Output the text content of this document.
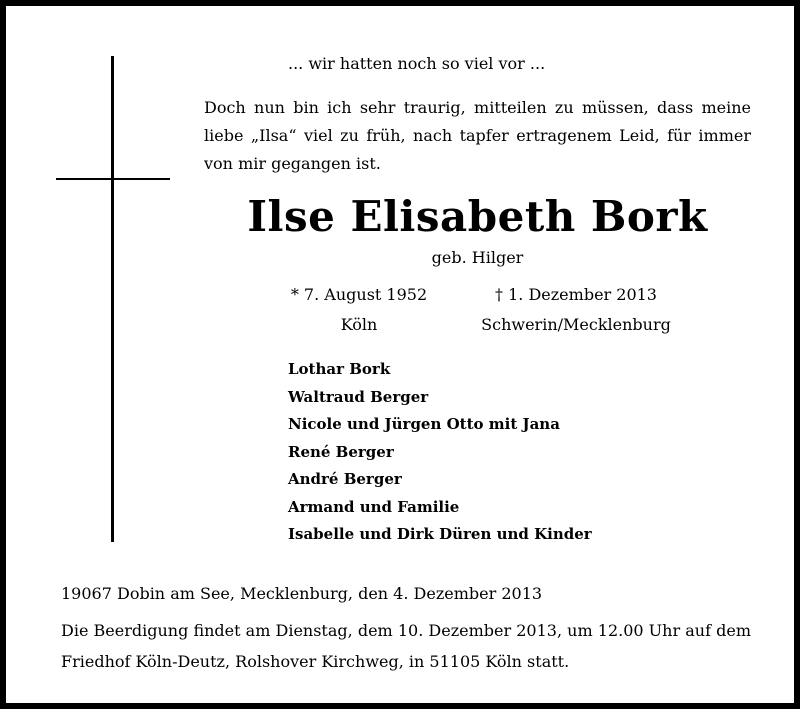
... wir hatten noch so viel vor ...
Doch nun bin ich sehr traurig, mitteilen zu müssen, dass meine liebe „Ilsa“ viel zu früh, nach tapfer ertragenem Leid, für immer von mir gegangen ist.
Ilse Elisabeth Bork
geb. Hilger
* 7. August 1952
Köln
† 1. Dezember 2013
Schwerin/Mecklenburg
Lothar Bork
Waltraud Berger
Nicole und Jürgen Otto mit Jana
René Berger
André Berger
Armand und Familie
Isabelle und Dirk Düren und Kinder
19067 Dobin am See, Mecklenburg, den 4. Dezember 2013
Die Beerdigung findet am Dienstag, dem 10. Dezember 2013, um 12.00 Uhr auf dem Friedhof Köln-Deutz, Rolshover Kirchweg, in 51105 Köln statt.
